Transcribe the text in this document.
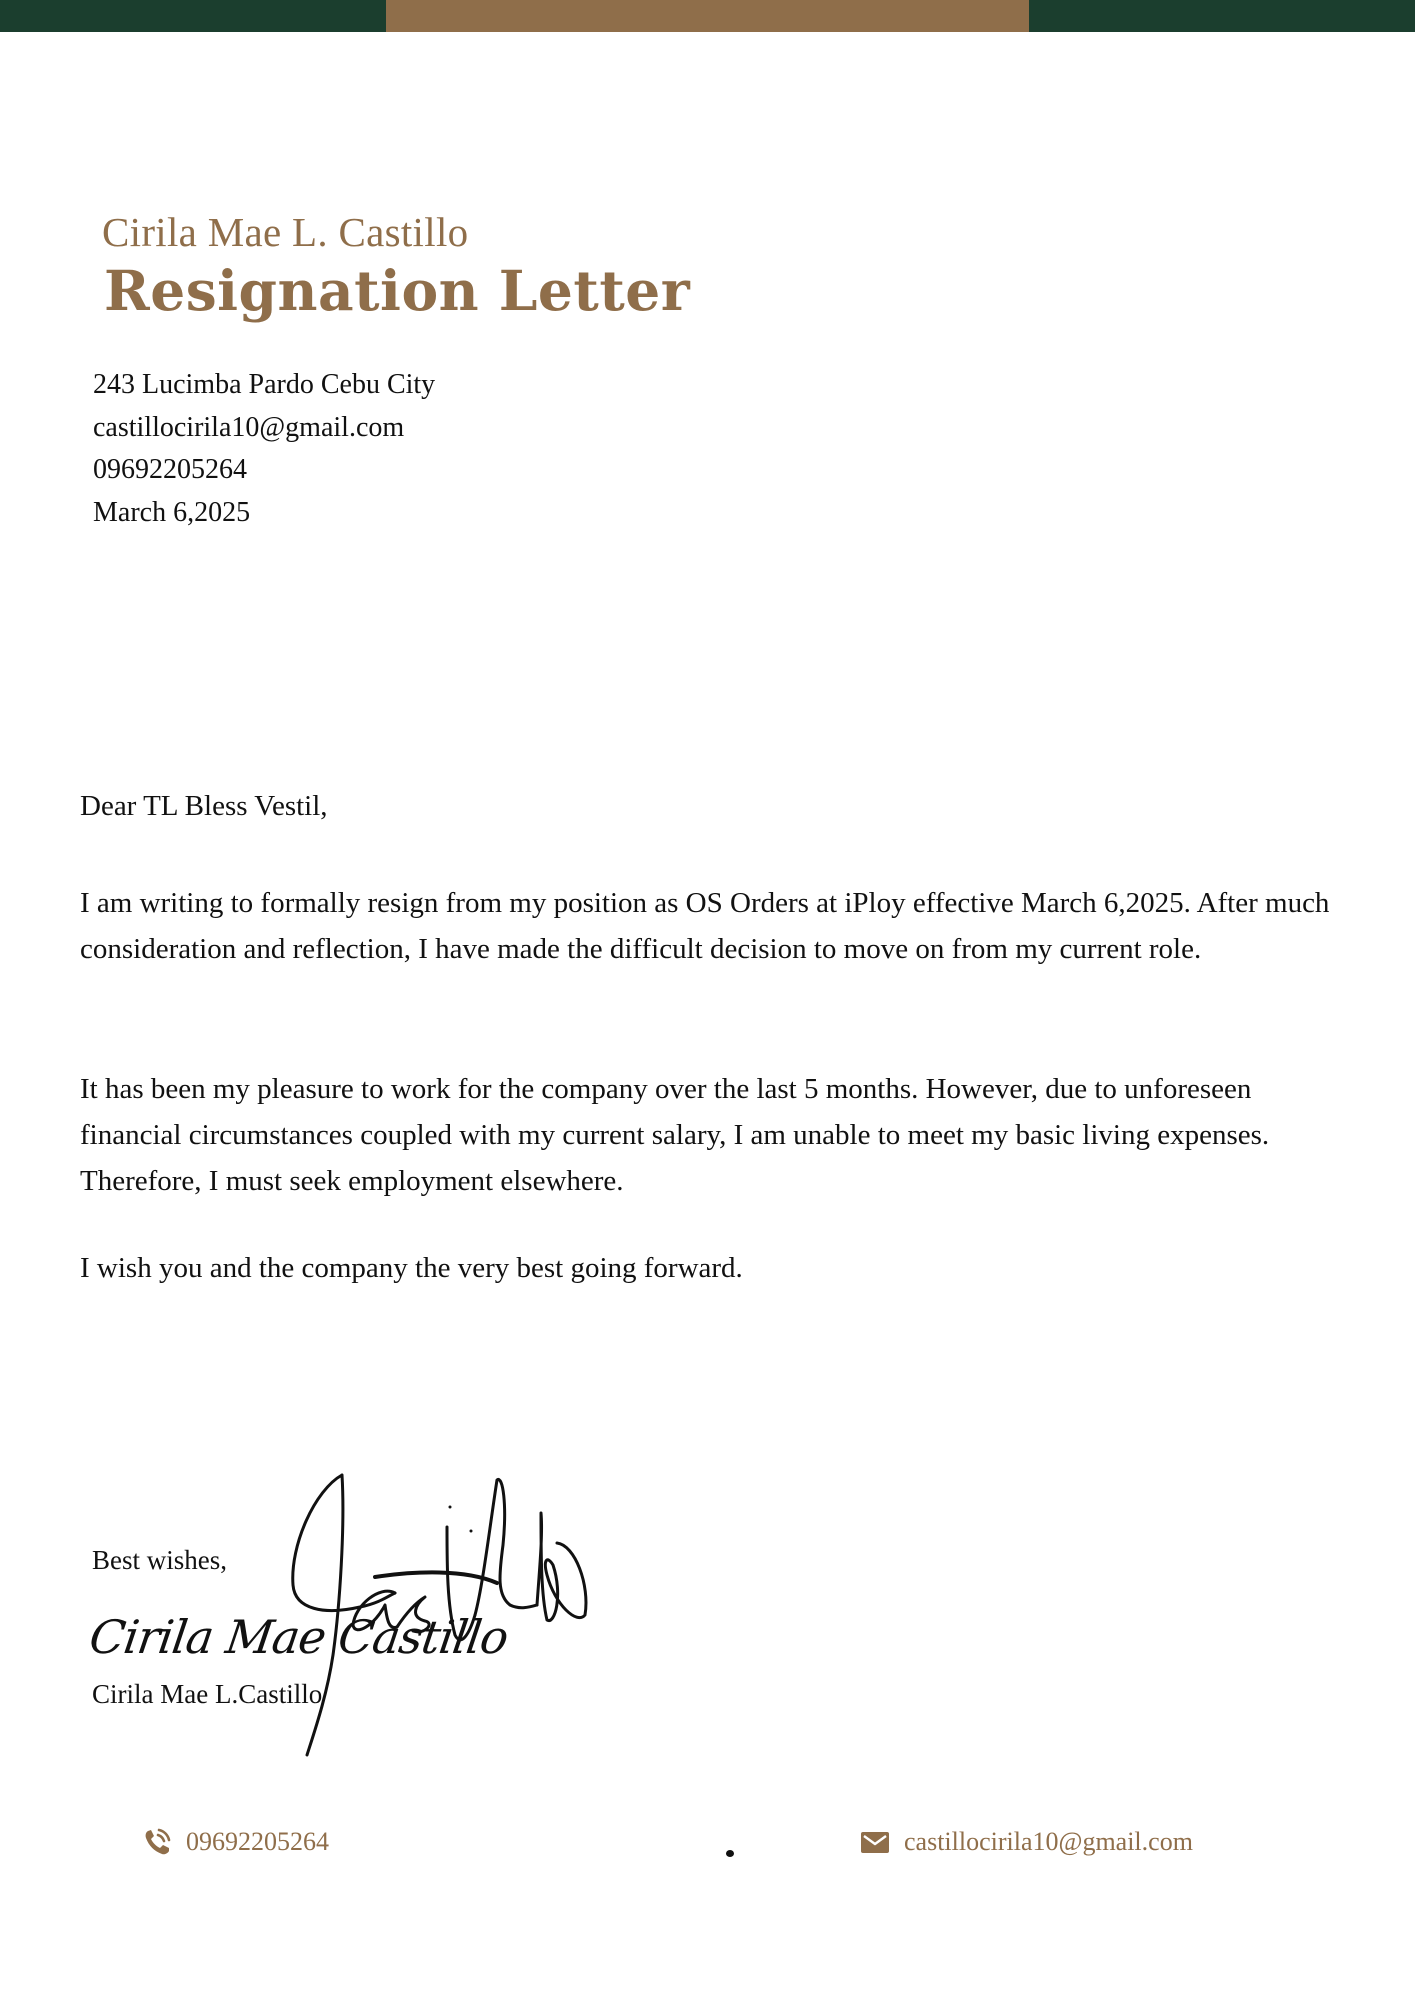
Cirila Mae L. Castillo
Resignation Letter
243 Lucimba Pardo Cebu City
castillocirila10@gmail.com
09692205264
March 6,2025
Dear TL Bless Vestil,
I am writing to formally resign from my position as OS Orders at iPloy effective March 6,2025. After much consideration and reflection, I have made the difficult decision to move on from my current role.
It has been my pleasure to work for the company over the last 5 months. However, due to unforeseen financial circumstances coupled with my current salary, I am unable to meet my basic living expenses. Therefore, I must seek employment elsewhere.
I wish you and the company the very best going forward.
Best wishes,
Cirila Mae Castillo
Cirila Mae L.Castillo
09692205264	castillocirila10@gmail.com
